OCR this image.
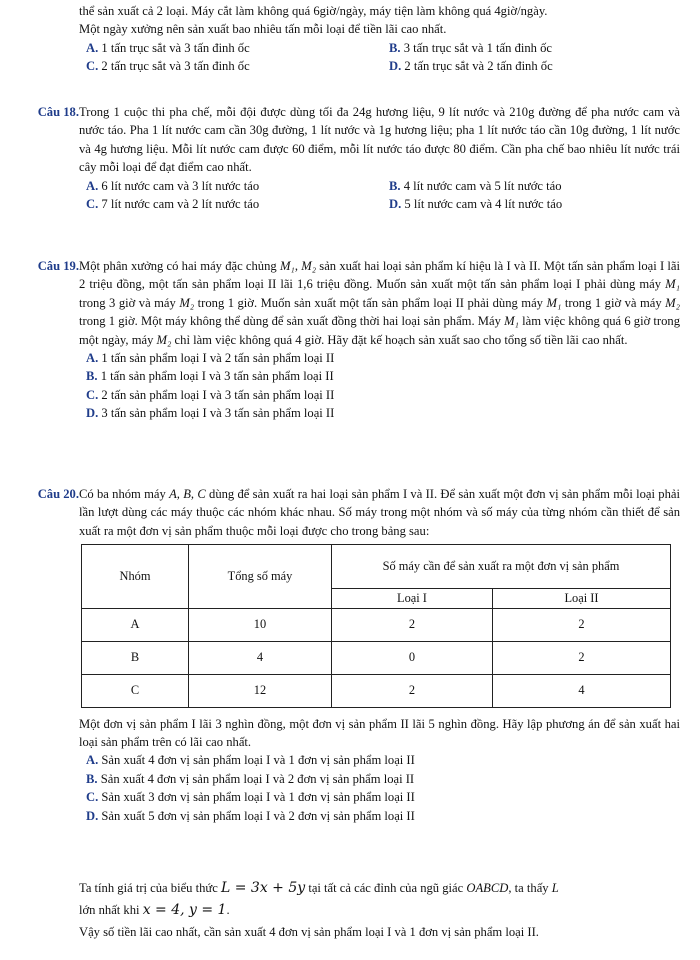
thể sản xuất cả 2 loại. Máy cắt làm không quá 6giờ/ngày, máy tiện làm không quá 4giờ/ngày.
Một ngày xưởng nên sản xuất bao nhiêu tấn mỗi loại để tiền lãi cao nhất.
A. 1 tấn trục sắt và 3 tấn đinh ốc	B. 3 tấn trục sắt và 1 tấn đinh ốc
C. 2 tấn trục sắt và 3 tấn đinh ốc	D. 2 tấn trục sắt và 2 tấn đinh ốc
Câu 18. Trong 1 cuộc thi pha chế, mỗi đội được dùng tối đa 24g hương liệu, 9 lít nước và 210g đường để pha nước cam và nước táo. Pha 1 lít nước cam cần 30g đường, 1 lít nước và 1g hương liệu; pha 1 lít nước táo cần 10g đường, 1 lít nước và 4g hương liệu. Mỗi lít nước cam được 60 điểm, mỗi lít nước táo được 80 điểm. Cần pha chế bao nhiêu lít nước trái cây mỗi loại để đạt điểm cao nhất.
A. 6 lít nước cam và 3 lít nước táo	B. 4 lít nước cam và 5 lít nước táo
C. 7 lít nước cam và 2 lít nước táo	D. 5 lít nước cam và 4 lít nước táo
Câu 19. Một phân xưởng có hai máy đặc chủng M₁, M₂ sản xuất hai loại sản phẩm kí hiệu là I và II. Một tấn sản phẩm loại I lãi 2 triệu đồng, một tấn sản phẩm loại II lãi 1,6 triệu đồng. Muốn sản xuất một tấn sản phẩm loại I phải dùng máy M₁ trong 3 giờ và máy M₂ trong 1 giờ. Muốn sản xuất một tấn sản phẩm loại II phải dùng máy M₁ trong 1 giờ và máy M₂ trong 1 giờ. Một máy không thể dùng để sản xuất đồng thời hai loại sản phẩm. Máy M₁ làm việc không quá 6 giờ trong một ngày, máy M₂ chỉ làm việc không quá 4 giờ. Hãy đặt kế hoạch sản xuất sao cho tổng số tiền lãi cao nhất.
A. 1 tấn sản phẩm loại I và 2 tấn sản phẩm loại II
B. 1 tấn sản phẩm loại I và 3 tấn sản phẩm loại II
C. 2 tấn sản phẩm loại I và 3 tấn sản phẩm loại II
D. 3 tấn sản phẩm loại I và 3 tấn sản phẩm loại II
Câu 20. Có ba nhóm máy A, B, C dùng để sản xuất ra hai loại sản phẩm I và II. Để sản xuất một đơn vị sản phẩm mỗi loại phải lần lượt dùng các máy thuộc các nhóm khác nhau. Số máy trong một nhóm và số máy của từng nhóm cần thiết để sản xuất ra một đơn vị sản phẩm thuộc mỗi loại được cho trong bảng sau:
Nhóm	Tổng số máy	Số máy cần để sản xuất ra một đơn vị sản phẩm	
		Loại I	Loại II
A	10	2	2
B	4	0	2
C	12	2	4
Một đơn vị sản phẩm I lãi 3 nghìn đồng, một đơn vị sản phẩm II lãi 5 nghìn đồng. Hãy lập phương án để sản xuất hai loại sản phẩm trên có lãi cao nhất.
A. Sản xuất 4 đơn vị sản phẩm loại I và 1 đơn vị sản phẩm loại II
B. Sản xuất 4 đơn vị sản phẩm loại I và 2 đơn vị sản phẩm loại II
C. Sản xuất 3 đơn vị sản phẩm loại I và 1 đơn vị sản phẩm loại II
D. Sản xuất 5 đơn vị sản phẩm loại I và 2 đơn vị sản phẩm loại II
Ta tính giá trị của biểu thức L = 3x + 5y tại tất cả các đỉnh của ngũ giác OABCD, ta thấy L
lớn nhất khi x = 4, y = 1.
Vậy số tiền lãi cao nhất, cần sản xuất 4 đơn vị sản phẩm loại I và 1 đơn vị sản phẩm loại II.
